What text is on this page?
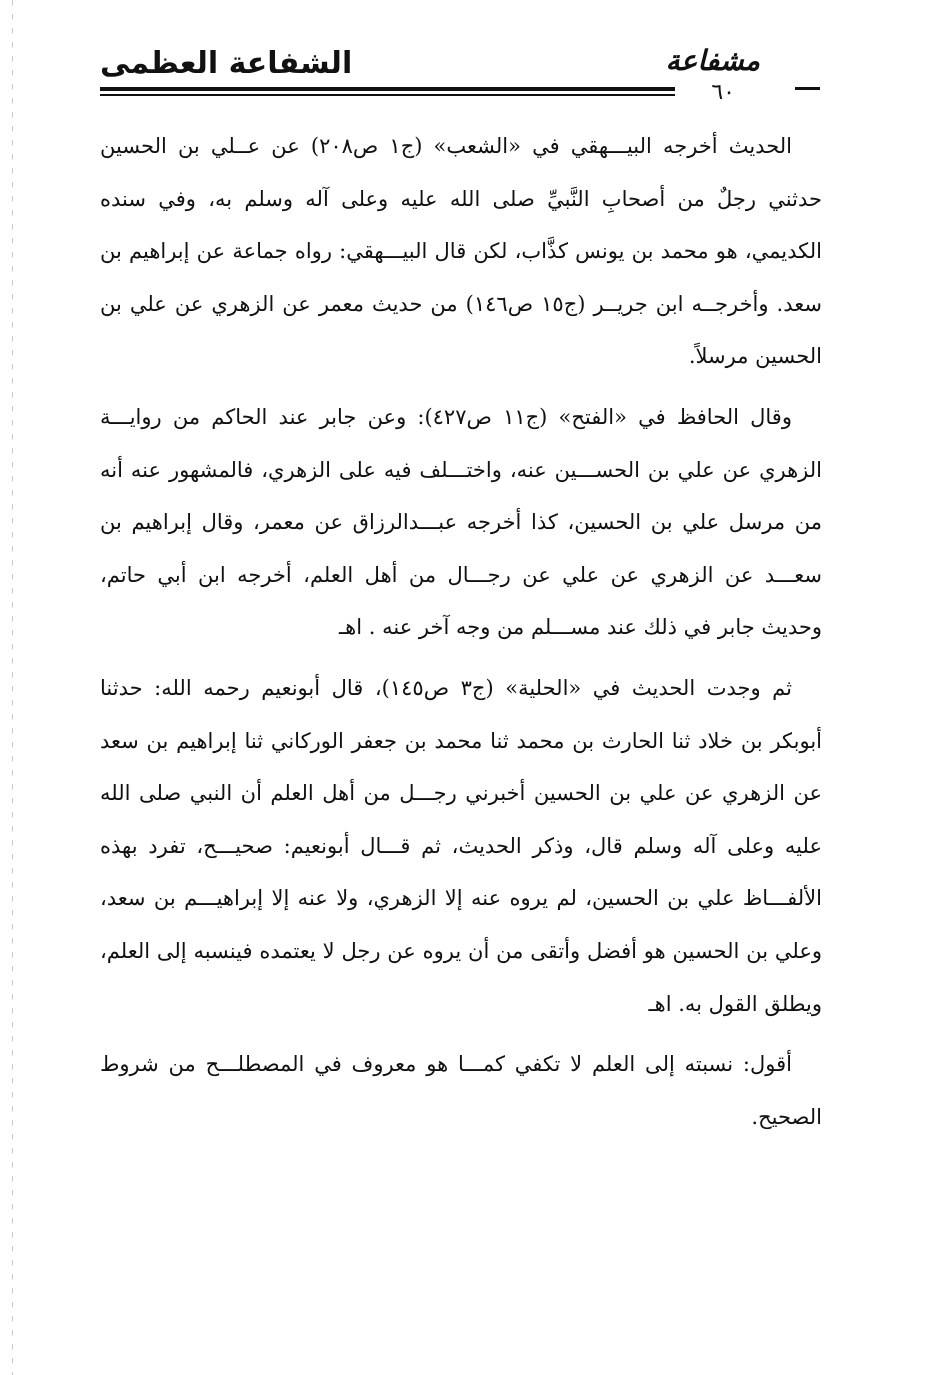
الشفاعة العظمى	مشفاعة
٦٠

الحديث أخرجه البيـــهقي في «الشعب» (ج١ ص٢٠٨) عن عــلي بن الحسين حدثني رجلٌ من أصحابِ النَّبيِّ صلى الله عليه وعلى آله وسلم به، وفي سنده الكديمي، هو محمد بن يونس كذَّاب، لكن قال البيـــهقي: رواه جماعة عن إبراهيم بن سعد. وأخرجــه ابن جريــر (ج١٥ ص١٤٦) من حديث معمر عن الزهري عن علي بن الحسين مرسلاً.

وقال الحافظ في «الفتح» (ج١١ ص٤٢٧): وعن جابر عند الحاكم من روايـــة الزهري عن علي بن الحســـين عنه، واختـــلف فيه على الزهري، فالمشهور عنه أنه من مرسل علي بن الحسين، كذا أخرجه عبـــدالرزاق عن معمر، وقال إبراهيم بن سعـــد عن الزهري عن علي عن رجـــال من أهل العلم، أخرجه ابن أبي حاتم، وحديث جابر في ذلك عند مســـلم من وجه آخر عنه . اهـ

ثم وجدت الحديث في «الحلية» (ج٣ ص١٤٥)، قال أبونعيم رحمه الله: حدثنا أبوبكر بن خلاد ثنا الحارث بن محمد ثنا محمد بن جعفر الوركاني ثنا إبراهيم بن سعد عن الزهري عن علي بن الحسين أخبرني رجـــل من أهل العلم أن النبي صلى الله عليه وعلى آله وسلم قال، وذكر الحديث، ثم قـــال أبونعيم: صحيـــح، تفرد بهذه الألفـــاظ علي بن الحسين، لم يروه عنه إلا الزهري، ولا عنه إلا إبراهيـــم بن سعد، وعلي بن الحسين هو أفضل وأتقى من أن يروه عن رجل لا يعتمده فينسبه إلى العلم، ويطلق القول به. اهـ

أقول: نسبته إلى العلم لا تكفي كمـــا هو معروف في المصطلـــح من شروط الصحيح.
